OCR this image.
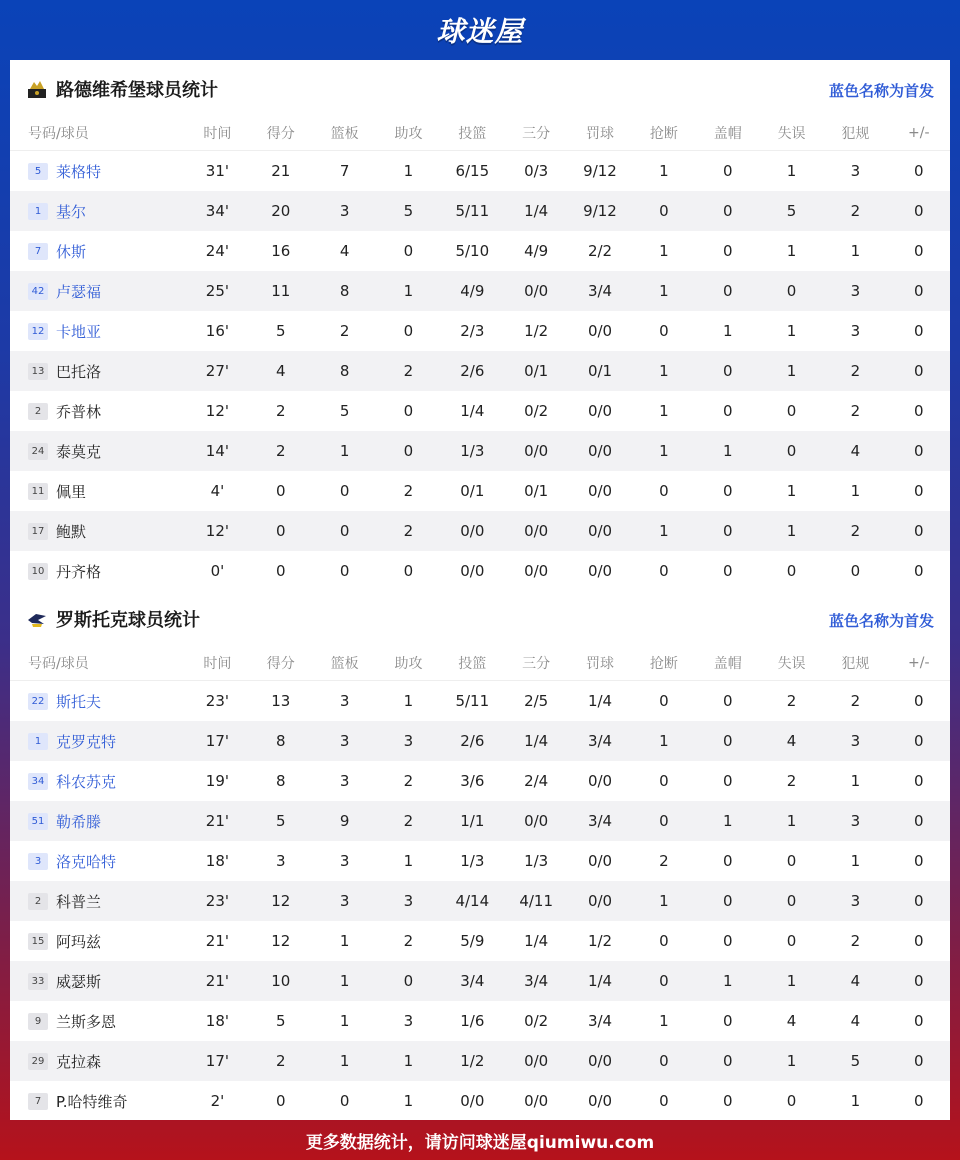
球迷屋
路德维希堡球员统计	蓝色名称为首发
号码/球员	时间	得分	篮板	助攻	投篮	三分	罚球	抢断	盖帽	失误	犯规	+/-
5 莱格特	31'	21	7	1	6/15	0/3	9/12	1	0	1	3	0
1 基尔	34'	20	3	5	5/11	1/4	9/12	0	0	5	2	0
7 休斯	24'	16	4	0	5/10	4/9	2/2	1	0	1	1	0
42 卢瑟福	25'	11	8	1	4/9	0/0	3/4	1	0	0	3	0
12 卡地亚	16'	5	2	0	2/3	1/2	0/0	0	1	1	3	0
13 巴托洛	27'	4	8	2	2/6	0/1	0/1	1	0	1	2	0
2 乔普林	12'	2	5	0	1/4	0/2	0/0	1	0	0	2	0
24 泰莫克	14'	2	1	0	1/3	0/0	0/0	1	1	0	4	0
11 佩里	4'	0	0	2	0/1	0/1	0/0	0	0	1	1	0
17 鲍默	12'	0	0	2	0/0	0/0	0/0	1	0	1	2	0
10 丹齐格	0'	0	0	0	0/0	0/0	0/0	0	0	0	0	0
罗斯托克球员统计	蓝色名称为首发
号码/球员	时间	得分	篮板	助攻	投篮	三分	罚球	抢断	盖帽	失误	犯规	+/-
22 斯托夫	23'	13	3	1	5/11	2/5	1/4	0	0	2	2	0
1 克罗克特	17'	8	3	3	2/6	1/4	3/4	1	0	4	3	0
34 科农苏克	19'	8	3	2	3/6	2/4	0/0	0	0	2	1	0
51 勒希滕	21'	5	9	2	1/1	0/0	3/4	0	1	1	3	0
3 洛克哈特	18'	3	3	1	1/3	1/3	0/0	2	0	0	1	0
2 科普兰	23'	12	3	3	4/14	4/11	0/0	1	0	0	3	0
15 阿玛兹	21'	12	1	2	5/9	1/4	1/2	0	0	0	2	0
33 威瑟斯	21'	10	1	0	3/4	3/4	1/4	0	1	1	4	0
9 兰斯多恩	18'	5	1	3	1/6	0/2	3/4	1	0	4	4	0
29 克拉森	17'	2	1	1	1/2	0/0	0/0	0	0	1	5	0
7 P.哈特维奇	2'	0	0	1	0/0	0/0	0/0	0	0	0	1	0
更多数据统计，请访问球迷屋qiumiwu.com
